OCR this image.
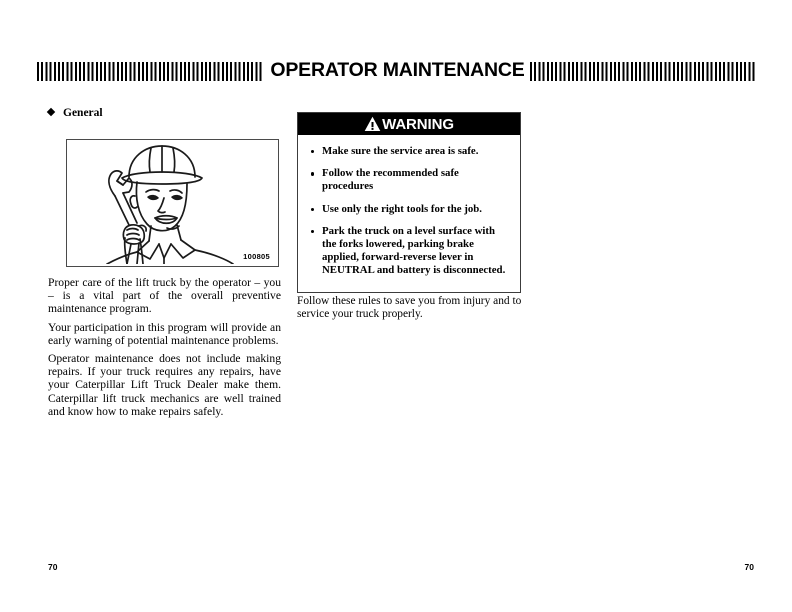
OPERATOR MAINTENANCE
General
100805

Proper care of the lift truck by the operator – you – is a vital part of the overall preventive maintenance program.

Your participation in this program will provide an early warning of potential maintenance problems.

Operator maintenance does not include making repairs. If your truck requires any repairs, have your Caterpillar Lift Truck Dealer make them. Caterpillar lift truck mechanics are well trained and know how to make repairs safely.

WARNING
Make sure the service area is safe.
Follow the recommended safe procedures
Use only the right tools for the job.
Park the truck on a level surface with the forks lowered, parking brake applied, forward-reverse lever in NEUTRAL and battery is disconnected.

Follow these rules to save you from injury and to service your truck properly.

70	70
